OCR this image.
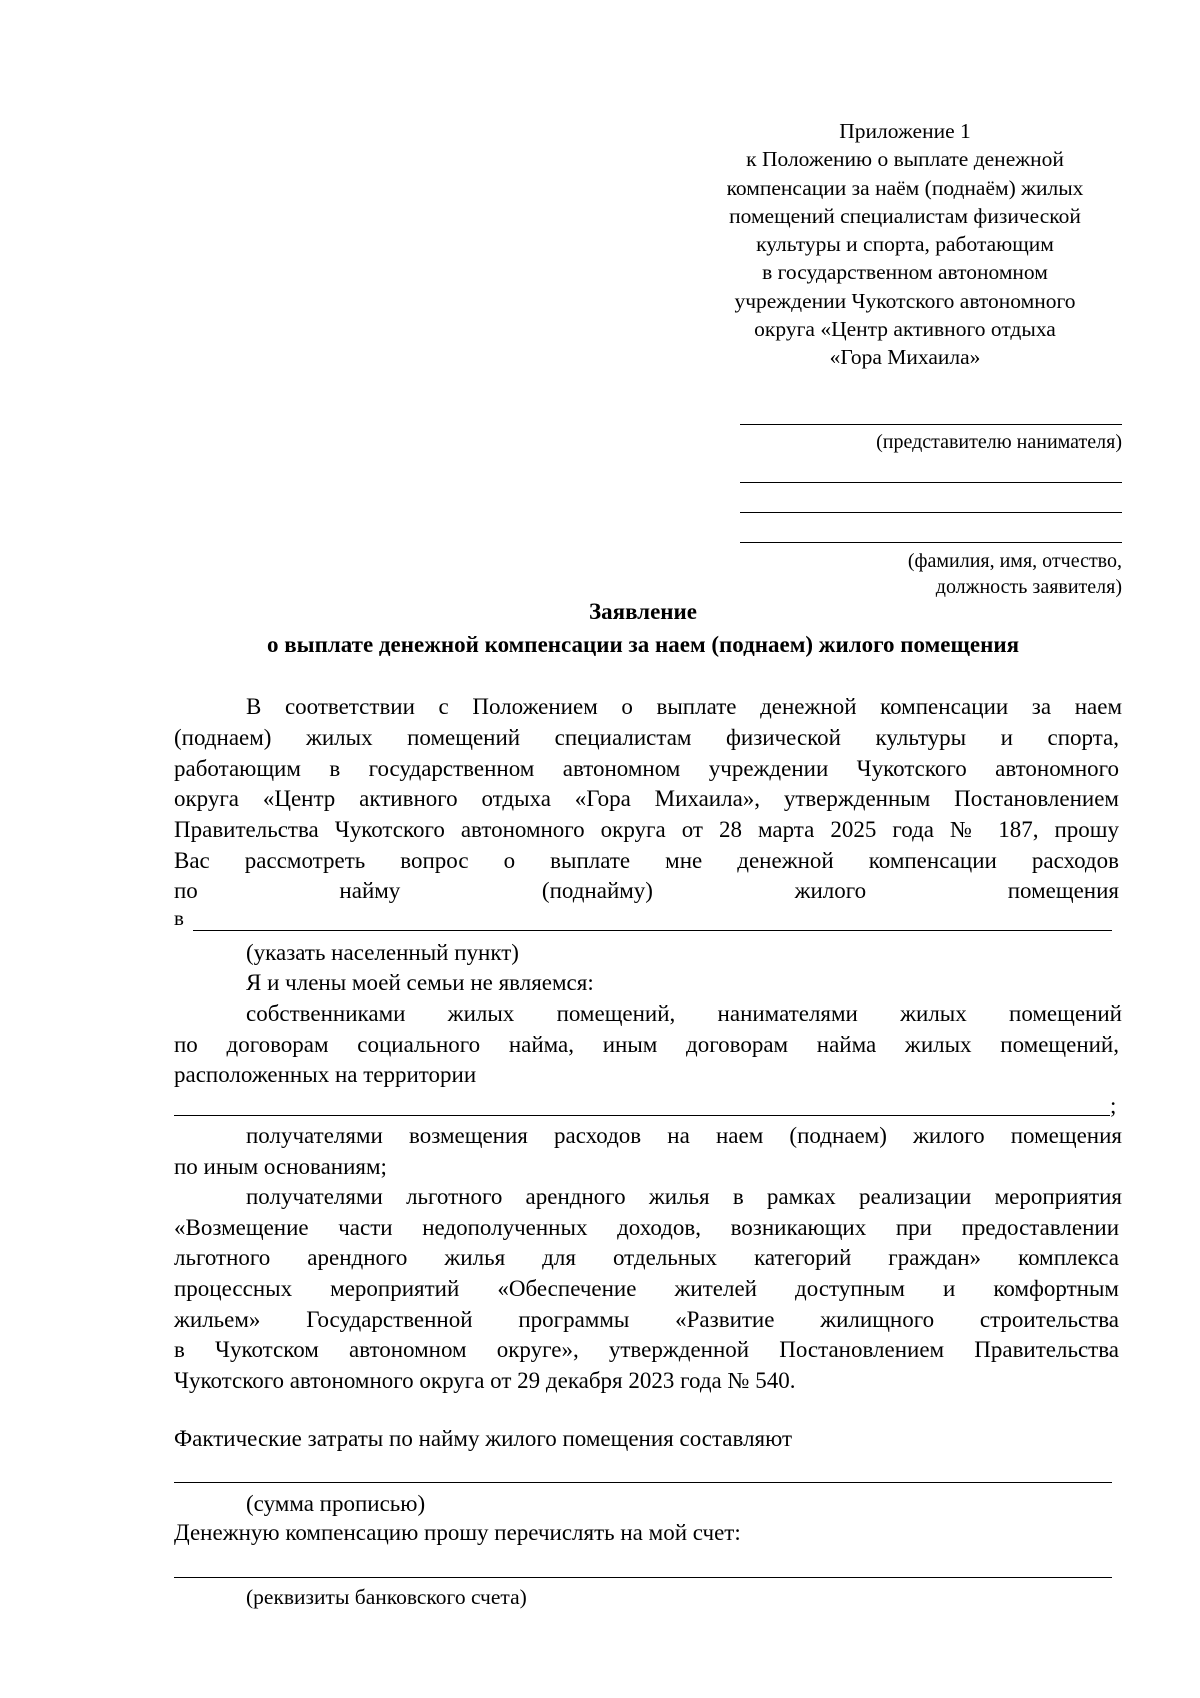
Приложение 1
к Положению о выплате денежной
компенсации за наём (поднаём) жилых
помещений специалистам физической
культуры и спорта, работающим
в государственном автономном
учреждении Чукотского автономного
округа «Центр активного отдыха
«Гора Михаила»
(представителю нанимателя)
(фамилия, имя, отчество,
должность заявителя)
Заявление
о выплате денежной компенсации за наем (поднаем) жилого помещения
В соответствии с Положением о выплате денежной компенсации за наем
(поднаем) жилых помещений специалистам физической культуры и спорта,
работающим в государственном автономном учреждении Чукотского автономного
округа «Центр активного отдыха «Гора Михаила», утвержденным Постановлением
Правительства Чукотского автономного округа от 28 марта 2025 года № 187, прошу
Вас рассмотреть вопрос о выплате мне денежной компенсации расходов
по найму (поднайму) жилого помещения
в
(указать населенный пункт)
Я и члены моей семьи не являемся:
собственниками жилых помещений, нанимателями жилых помещений
по договорам социального найма, иным договорам найма жилых помещений,
расположенных на территории
;
получателями возмещения расходов на наем (поднаем) жилого помещения
по иным основаниям;
получателями льготного арендного жилья в рамках реализации мероприятия
«Возмещение части недополученных доходов, возникающих при предоставлении
льготного арендного жилья для отдельных категорий граждан» комплекса
процессных мероприятий «Обеспечение жителей доступным и комфортным
жильем» Государственной программы «Развитие жилищного строительства
в Чукотском автономном округе», утвержденной Постановлением Правительства
Чукотского автономного округа от 29 декабря 2023 года № 540.
Фактические затраты по найму жилого помещения составляют
(сумма прописью)
Денежную компенсацию прошу перечислять на мой счет:
(реквизиты банковского счета)
